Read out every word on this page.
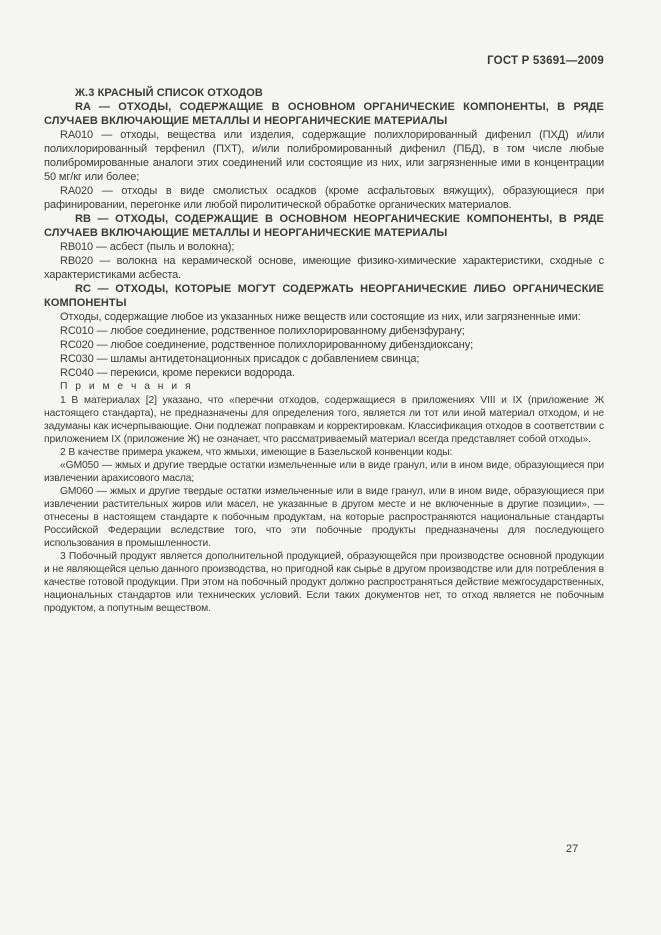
ГОСТ Р 53691—2009

Ж.3 КРАСНЫЙ СПИСОК ОТХОДОВ

RA — ОТХОДЫ, СОДЕРЖАЩИЕ В ОСНОВНОМ ОРГАНИЧЕСКИЕ КОМПОНЕНТЫ, В РЯДЕ СЛУЧАЕВ ВКЛЮЧАЮЩИЕ МЕТАЛЛЫ И НЕОРГАНИЧЕСКИЕ МАТЕРИАЛЫ

RA010 — отходы, вещества или изделия, содержащие полихлорированный дифенил (ПХД) и/или полихлорированный терфенил (ПХТ), и/или полибромированный дифенил (ПБД), в том числе любые полибромированные аналоги этих соединений или состоящие из них, или загрязненные ими в концентрации 50 мг/кг или более;

RA020 — отходы в виде смолистых осадков (кроме асфальтовых вяжущих), образующиеся при рафинировании, перегонке или любой пиролитической обработке органических материалов.

RB — ОТХОДЫ, СОДЕРЖАЩИЕ В ОСНОВНОМ НЕОРГАНИЧЕСКИЕ КОМПОНЕНТЫ, В РЯДЕ СЛУЧАЕВ ВКЛЮЧАЮЩИЕ МЕТАЛЛЫ И НЕОРГАНИЧЕСКИЕ МАТЕРИАЛЫ

RB010 — асбест (пыль и волокна);

RB020 — волокна на керамической основе, имеющие физико-химические характеристики, сходные с характеристиками асбеста.

RC — ОТХОДЫ, КОТОРЫЕ МОГУТ СОДЕРЖАТЬ НЕОРГАНИЧЕСКИЕ ЛИБО ОРГАНИЧЕСКИЕ КОМПОНЕНТЫ

Отходы, содержащие любое из указанных ниже веществ или состоящие из них, или загрязненные ими:

RC010 — любое соединение, родственное полихлорированному дибензфурану;

RC020 — любое соединение, родственное полихлорированному дибенздиоксану;

RC030 — шламы антидетонационных присадок с добавлением свинца;

RC040 — перекиси, кроме перекиси водорода.

П р и м е ч а н и я

1 В материалах [2] указано, что «перечни отходов, содержащиеся в приложениях VIII и IX (приложение Ж настоящего стандарта), не предназначены для определения того, является ли тот или иной материал отходом, и не задуманы как исчерпывающие. Они подлежат поправкам и корректировкам. Классификация отходов в соответствии с приложением IX (приложение Ж) не означает, что рассматриваемый материал всегда представляет собой отходы».

2 В качестве примера укажем, что жмыхи, имеющие в Базельской конвенции коды:

«GM050 — жмых и другие твердые остатки измельченные или в виде гранул, или в ином виде, образующиеся при извлечении арахисового масла;

GM060 — жмых и другие твердые остатки измельченные или в виде гранул, или в ином виде, образующиеся при извлечении растительных жиров или масел, не указанные в другом месте и не включенные в другие позиции», — отнесены в настоящем стандарте к побочным продуктам, на которые распространяются национальные стандарты Российской Федерации вследствие того, что эти побочные продукты предназначены для последующего использования в промышленности.

3 Побочный продукт является дополнительной продукцией, образующейся при производстве основной продукции и не являющейся целью данного производства, но пригодной как сырье в другом производстве или для потребления в качестве готовой продукции. При этом на побочный продукт должно распространяться действие межгосударственных, национальных стандартов или технических условий. Если таких документов нет, то отход является не побочным продуктом, а попутным веществом.

27
